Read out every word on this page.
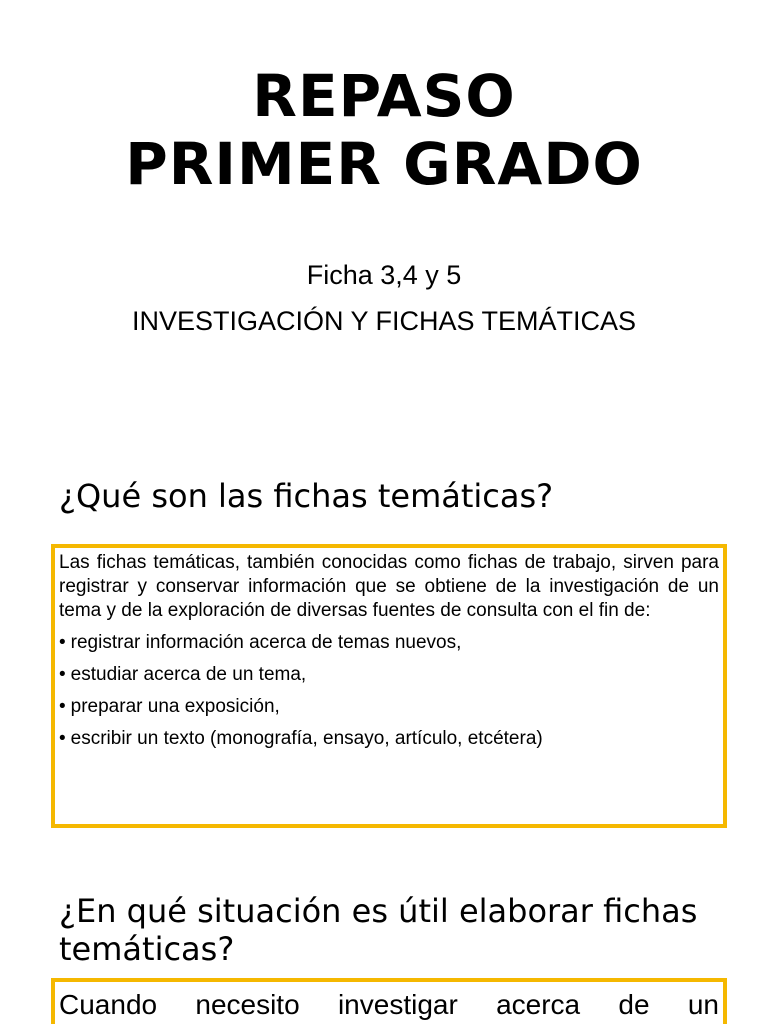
REPASO
PRIMER GRADO
Ficha 3,4 y 5
INVESTIGACIÓN Y FICHAS TEMÁTICAS
¿Qué son las fichas temáticas?

Las fichas temáticas, también conocidas como fichas de trabajo, sirven para registrar y conservar información que se obtiene de la investigación de un tema y de la exploración de diversas fuentes de consulta con el fin de:

• registrar información acerca de temas nuevos,
• estudiar acerca de un tema,
• preparar una exposición,
• escribir un texto (monografía, ensayo, artículo, etcétera)
¿En qué situación es útil elaborar fichas temáticas?

Cuando necesito investigar acerca de un
